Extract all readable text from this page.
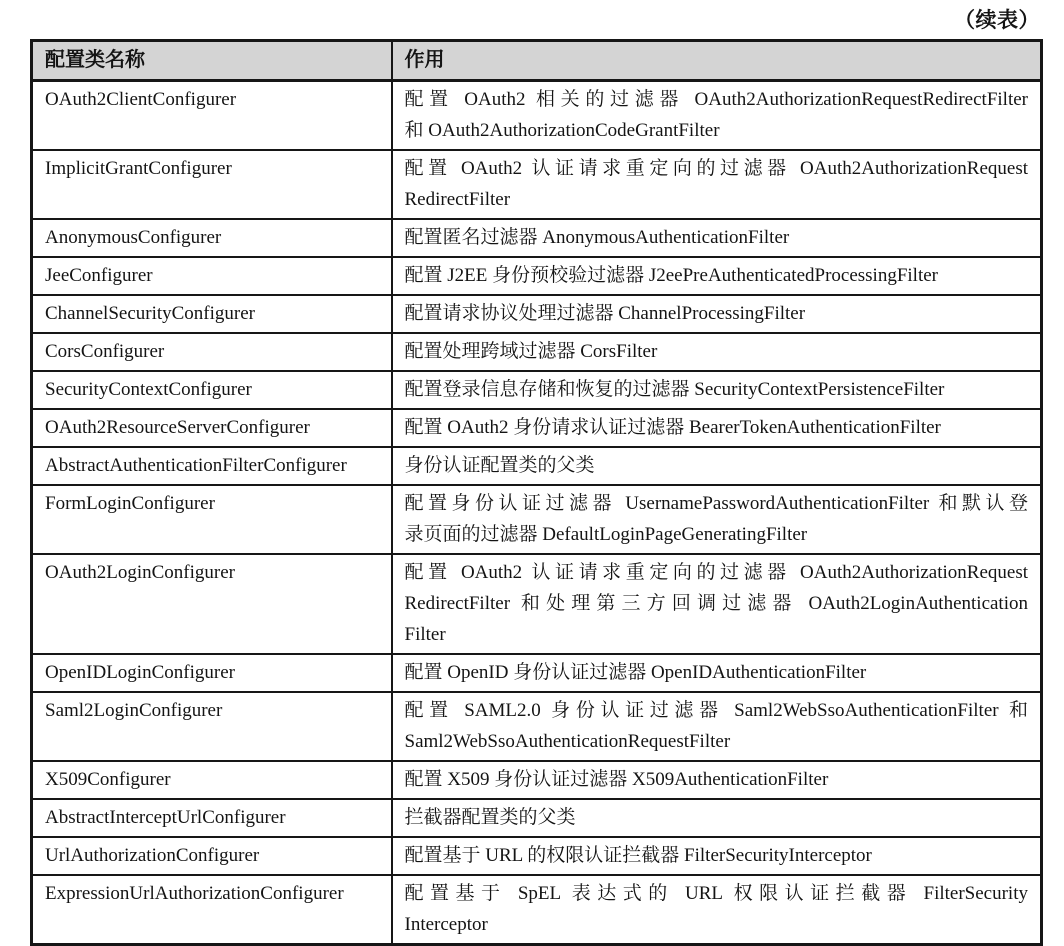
（续表）
配置类名称	作用
OAuth2ClientConfigurer	配置 OAuth2 相关的过滤器 OAuth2AuthorizationRequestRedirectFilter
和 OAuth2AuthorizationCodeGrantFilter

ImplicitGrantConfigurer	配置 OAuth2 认证请求重定向的过滤器 OAuth2AuthorizationRequest
RedirectFilter

AnonymousConfigurer	配置匿名过滤器 AnonymousAuthenticationFilter

JeeConfigurer	配置 J2EE 身份预校验过滤器 J2eePreAuthenticatedProcessingFilter

ChannelSecurityConfigurer	配置请求协议处理过滤器 ChannelProcessingFilter

CorsConfigurer	配置处理跨域过滤器 CorsFilter

SecurityContextConfigurer	配置登录信息存储和恢复的过滤器 SecurityContextPersistenceFilter

OAuth2ResourceServerConfigurer	配置 OAuth2 身份请求认证过滤器 BearerTokenAuthenticationFilter

AbstractAuthenticationFilterConfigurer	身份认证配置类的父类

FormLoginConfigurer	配置身份认证过滤器 UsernamePasswordAuthenticationFilter 和默认登
录页面的过滤器 DefaultLoginPageGeneratingFilter

OAuth2LoginConfigurer	配置 OAuth2 认证请求重定向的过滤器 OAuth2AuthorizationRequest
RedirectFilter 和处理第三方回调过滤器 OAuth2LoginAuthentication
Filter

OpenIDLoginConfigurer	配置 OpenID 身份认证过滤器 OpenIDAuthenticationFilter

Saml2LoginConfigurer	配置 SAML2.0 身份认证过滤器 Saml2WebSsoAuthenticationFilter 和
Saml2WebSsoAuthenticationRequestFilter

X509Configurer	配置 X509 身份认证过滤器 X509AuthenticationFilter

AbstractInterceptUrlConfigurer	拦截器配置类的父类

UrlAuthorizationConfigurer	配置基于 URL 的权限认证拦截器 FilterSecurityInterceptor

ExpressionUrlAuthorizationConfigurer	配置基于 SpEL 表达式的 URL 权限认证拦截器 FilterSecurity
Interceptor
